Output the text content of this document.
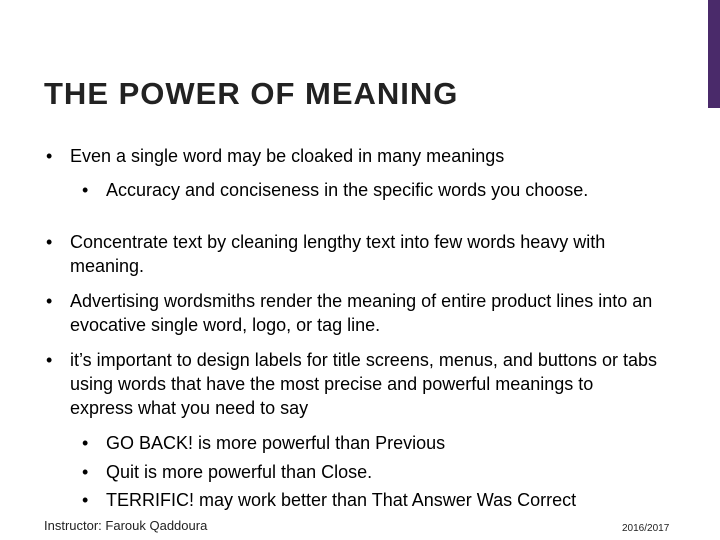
THE POWER OF MEANING
• Even a single word may be cloaked in many meanings
• Accuracy and conciseness in the specific words you choose.
• Concentrate text by cleaning lengthy text into few words heavy with meaning.
• Advertising wordsmiths render the meaning of entire product lines into an evocative single word, logo, or tag line.
• it’s important to design labels for title screens, menus, and buttons or tabs using words that have the most precise and powerful meanings to express what you need to say
• GO BACK! is more powerful than Previous
• Quit is more powerful than Close.
• TERRIFIC! may work better than That Answer Was Correct
Instructor: Farouk Qaddoura	2016/2017
